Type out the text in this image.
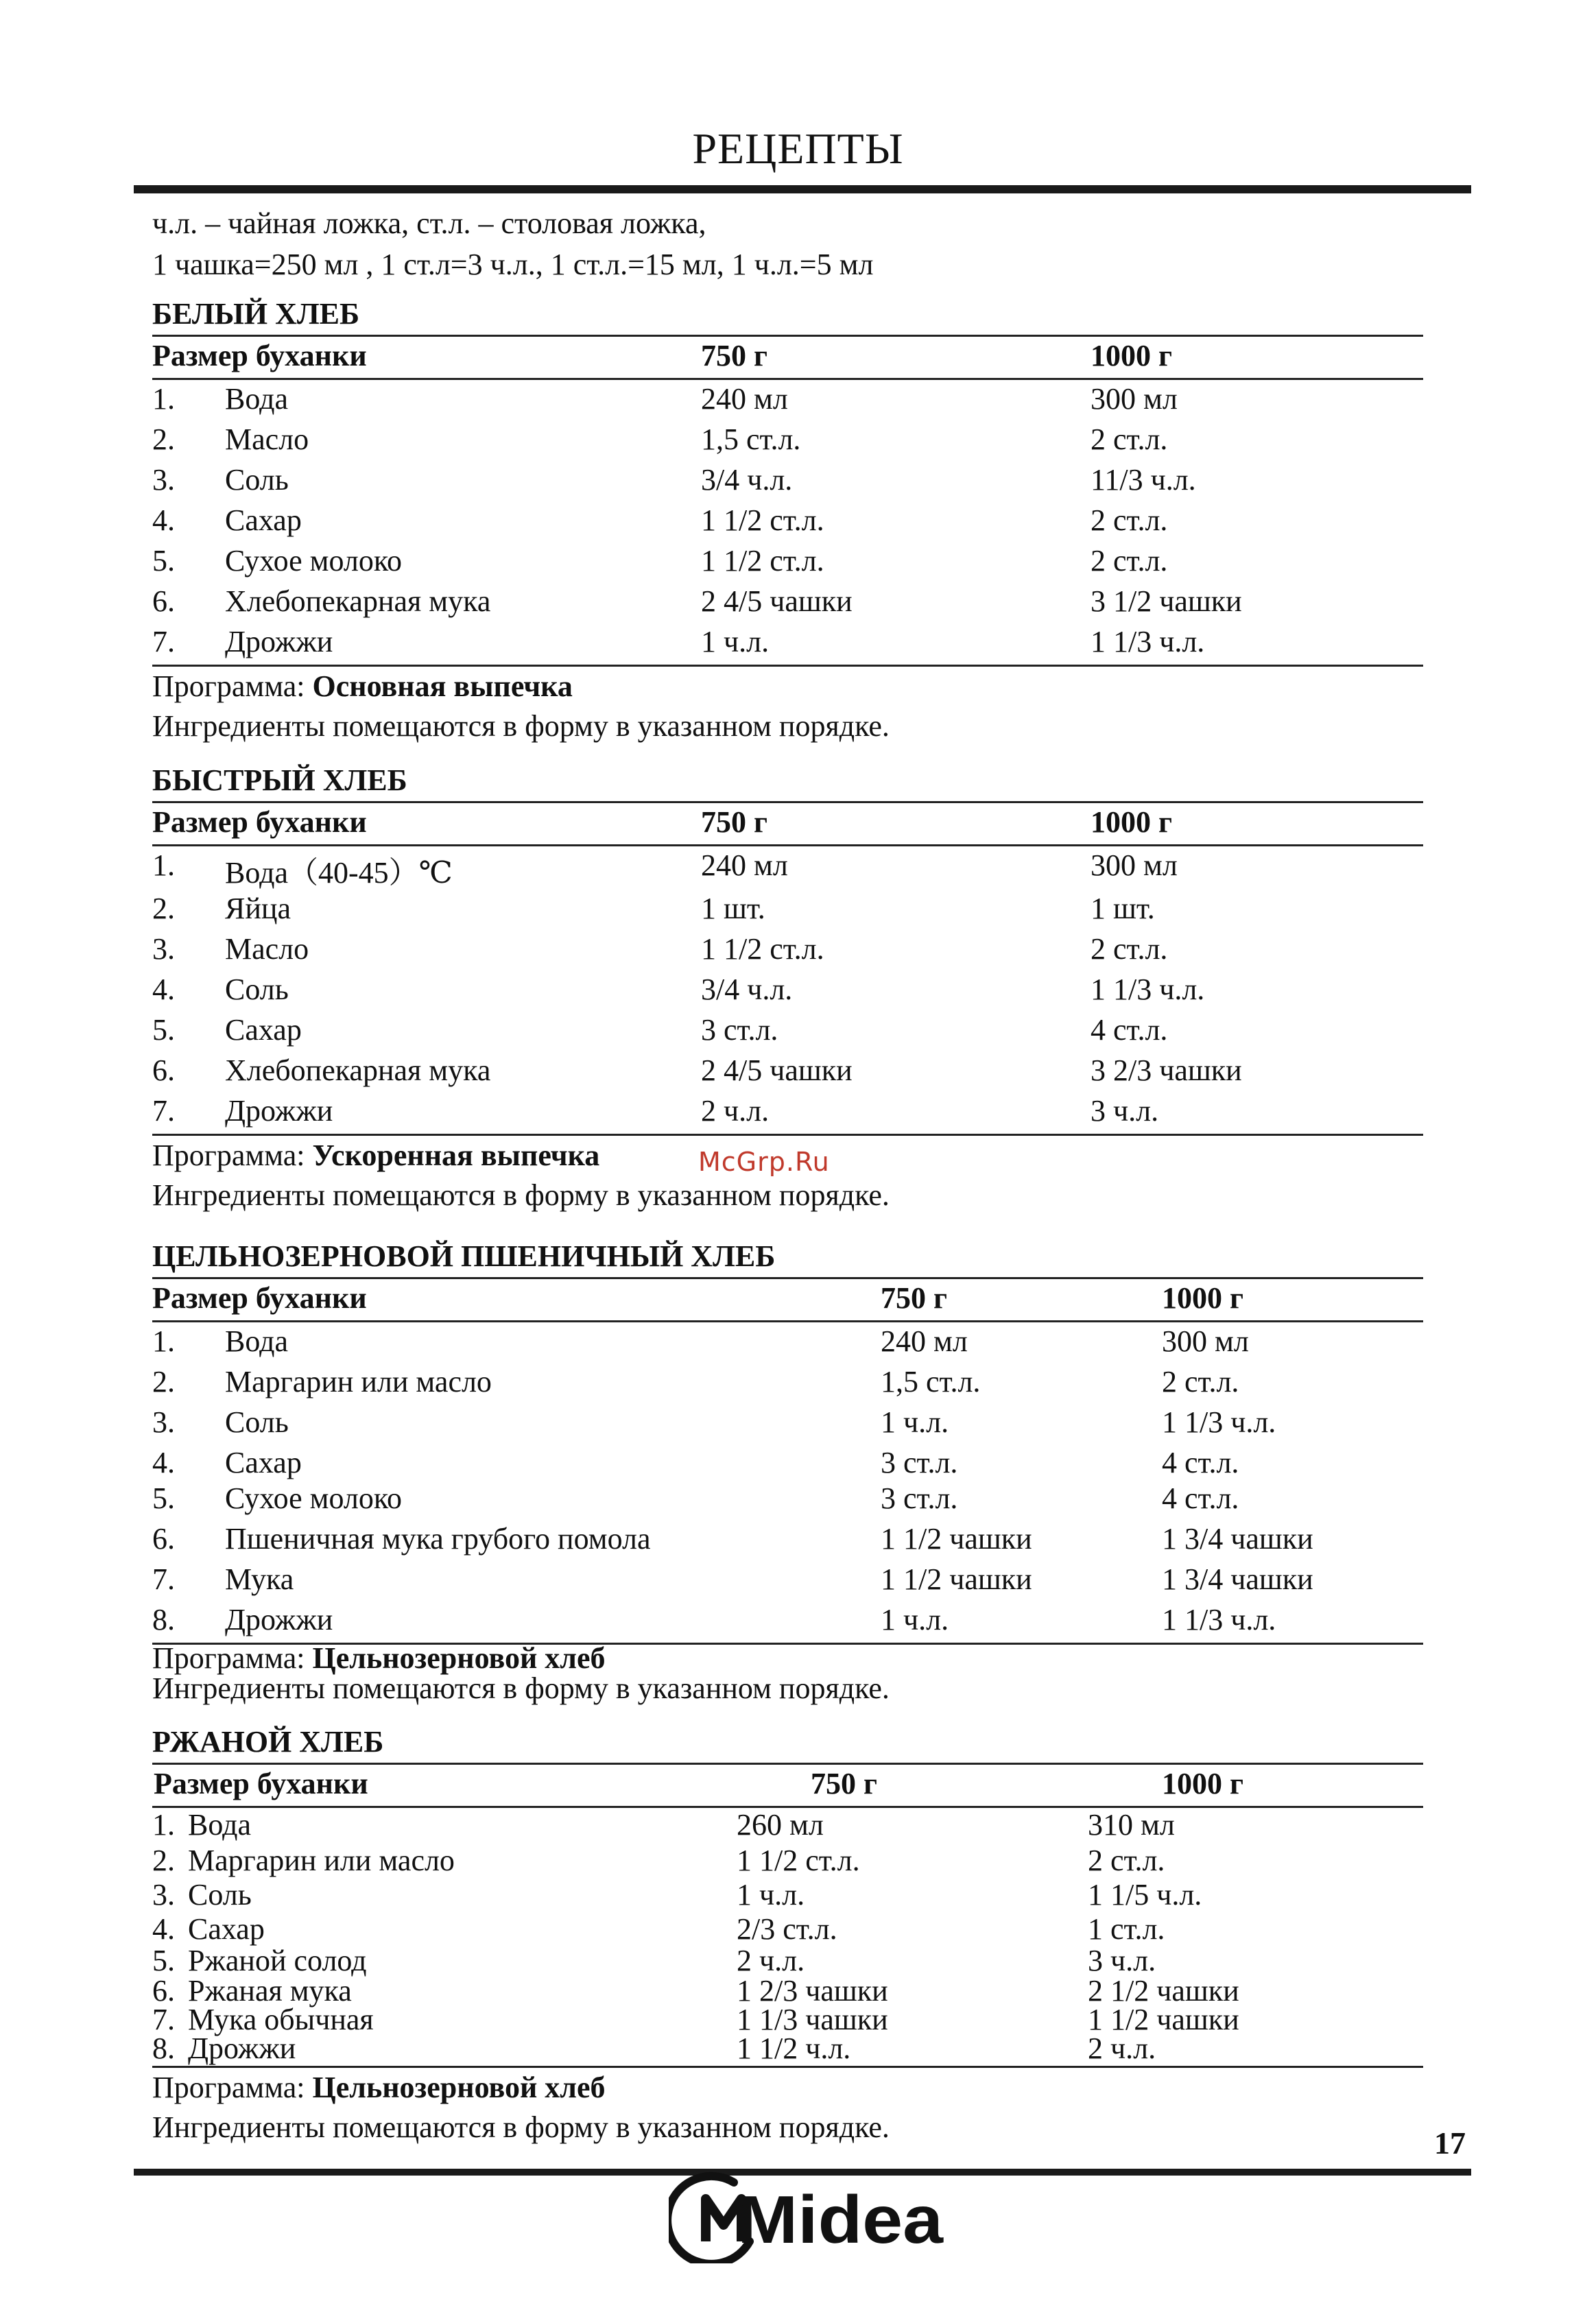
РЕЦЕПТЫ
ч.л. – чайная ложка, ст.л. – столовая ложка,
1 чашка=250 мл , 1 ст.л=3 ч.л., 1 ст.л.=15 мл, 1 ч.л.=5 мл
БЕЛЫЙ ХЛЕБ
Размер буханки	750 г	1000 г
1. Вода	240 мл	300 мл
2. Масло	1,5 ст.л.	2 ст.л.
3. Соль	3/4 ч.л.	11/3 ч.л.
4. Сахар	1 1/2 ст.л.	2 ст.л.
5. Сухое молоко	1 1/2 ст.л.	2 ст.л.
6. Хлебопекарная мука	2 4/5 чашки	3 1/2 чашки
7. Дрожжи	1 ч.л.	1 1/3 ч.л.
Программа: Основная выпечка
Ингредиенты помещаются в форму в указанном порядке.
БЫСТРЫЙ ХЛЕБ
Размер буханки	750 г	1000 г
1. Вода（40-45）℃	240 мл	300 мл
2. Яйца	1 шт.	1 шт.
3. Масло	1 1/2 ст.л.	2 ст.л.
4. Соль	3/4 ч.л.	1 1/3 ч.л.
5. Сахар	3 ст.л.	4 ст.л.
6. Хлебопекарная мука	2 4/5 чашки	3 2/3 чашки
7. Дрожжи	2 ч.л.	3 ч.л.
Программа: Ускоренная выпечка
Ингредиенты помещаются в форму в указанном порядке.
McGrp.Ru
ЦЕЛЬНОЗЕРНОВОЙ ПШЕНИЧНЫЙ ХЛЕБ
Размер буханки	750 г	1000 г
1. Вода	240 мл	300 мл
2. Маргарин или масло	1,5 ст.л.	2 ст.л.
3. Соль	1 ч.л.	1 1/3 ч.л.
4. Сахар	3 ст.л.	4 ст.л.
5. Сухое молоко	3 ст.л.	4 ст.л.
6. Пшеничная мука грубого помола	1 1/2 чашки	1 3/4 чашки
7. Мука	1 1/2 чашки	1 3/4 чашки
8. Дрожжи	1 ч.л.	1 1/3 ч.л.
Программа: Цельнозерновой хлеб
Ингредиенты помещаются в форму в указанном порядке.
РЖАНОЙ ХЛЕБ
Размер буханки	750 г	1000 г
1. Вода	260 мл	310 мл
2. Маргарин или масло	1 1/2 ст.л.	2 ст.л.
3. Соль	1 ч.л.	1 1/5 ч.л.
4. Сахар	2/3 ст.л.	1 ст.л.
5. Ржаной солод	2 ч.л.	3 ч.л.
6. Ржаная мука	1 2/3 чашки	2 1/2 чашки
7. Мука обычная	1 1/3 чашки	1 1/2 чашки
8. Дрожжи	1 1/2 ч.л.	2 ч.л.
Программа: Цельнозерновой хлеб
Ингредиенты помещаются в форму в указанном порядке.	17
Midea
